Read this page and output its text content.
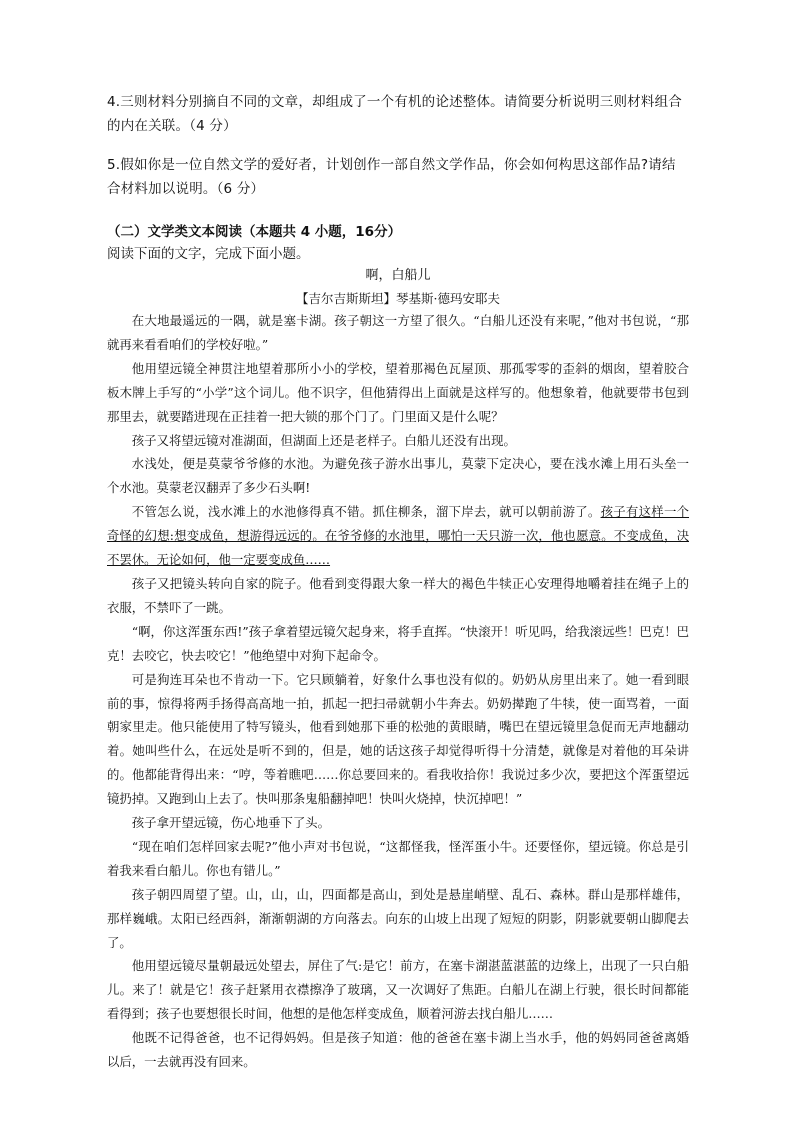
4.三则材料分别摘自不同的文章，却组成了一个有机的论述整体。请简要分析说明三则材料组合的内在关联。（4 分）
5.假如你是一位自然文学的爱好者，计划创作一部自然文学作品，你会如何构思这部作品?请结合材料加以说明。（6 分）
（二）文学类文本阅读（本题共 4 小题，16分）
阅读下面的文字，完成下面小题。
啊，白船儿
【吉尔吉斯斯坦】琴基斯·德玛安耶夫

在大地最遥远的一隅，就是塞卡湖。孩子朝这一方望了很久。“白船儿还没有来呢，”他对书包说，“那就再来看看咱们的学校好啦。”

他用望远镜全神贯注地望着那所小小的学校，望着那褐色瓦屋顶、那孤零零的歪斜的烟囱，望着胶合板木牌上手写的“小学”这个词儿。他不识字，但他猜得出上面就是这样写的。他想象着，他就要带书包到那里去，就要踏进现在正挂着一把大锁的那个门了。门里面又是什么呢？

孩子又将望远镜对准湖面，但湖面上还是老样子。白船儿还没有出现。

水浅处，便是莫蒙爷爷修的水池。为避免孩子游水出事儿，莫蒙下定决心，要在浅水滩上用石头垒一个水池。莫蒙老汉翻弄了多少石头啊!

不管怎么说，浅水滩上的水池修得真不错。抓住柳条，溜下岸去，就可以朝前游了。孩子有这样一个奇怪的幻想:想变成鱼，想游得远远的。在爷爷修的水池里，哪怕一天只游一次，他也愿意。不变成鱼，决不罢休。无论如何，他一定要变成鱼……

孩子又把镜头转向自家的院子。他看到变得跟大象一样大的褐色牛犊正心安理得地嚼着挂在绳子上的衣服，不禁吓了一跳。

“啊，你这浑蛋东西!”孩子拿着望远镜欠起身来，将手直挥。“快滚开！听见吗，给我滚远些！巴克！巴克！去咬它，快去咬它！”他绝望中对狗下起命令。

可是狗连耳朵也不肯动一下。它只顾躺着，好象什么事也没有似的。奶奶从房里出来了。她一看到眼前的事，惊得将两手扬得高高地一拍，抓起一把扫帚就朝小牛奔去。奶奶撵跑了牛犊，使一面骂着，一面朝家里走。他只能使用了特写镜头，他看到她那下垂的松弛的黄眼睛，嘴巴在望远镜里急促而无声地翻动着。她叫些什么，在远处是听不到的，但是，她的话这孩子却觉得听得十分清楚，就像是对着他的耳朵讲的。他都能背得出来：“哼，等着瞧吧……你总要回来的。看我收拾你！我说过多少次，要把这个浑蛋望远镜扔掉。又跑到山上去了。快叫那条鬼船翻掉吧！快叫火烧掉，快沉掉吧！”

孩子拿开望远镜，伤心地垂下了头。

“现在咱们怎样回家去呢?”他小声对书包说，“这都怪我，怪浑蛋小牛。还要怪你，望远镜。你总是引着我来看白船儿。你也有错儿。”

孩子朝四周望了望。山，山，山，四面都是高山，到处是悬崖峭壁、乱石、森林。群山是那样雄伟，那样巍峨。太阳已经西斜，渐渐朝湖的方向落去。向东的山坡上出现了短短的阴影，阴影就要朝山脚爬去了。

他用望远镜尽量朝最远处望去，屏住了气:是它！前方，在塞卡湖湛蓝湛蓝的边缘上，出现了一只白船儿。来了！就是它！孩子赶紧用衣襟擦净了玻璃，又一次调好了焦距。白船儿在湖上行驶，很长时间都能看得到；孩子也要想很长时间，他想的是他怎样变成鱼，顺着河游去找白船儿……

他既不记得爸爸，也不记得妈妈。但是孩子知道：他的爸爸在塞卡湖上当水手，他的妈妈同爸爸离婚以后，一去就再没有回来。
